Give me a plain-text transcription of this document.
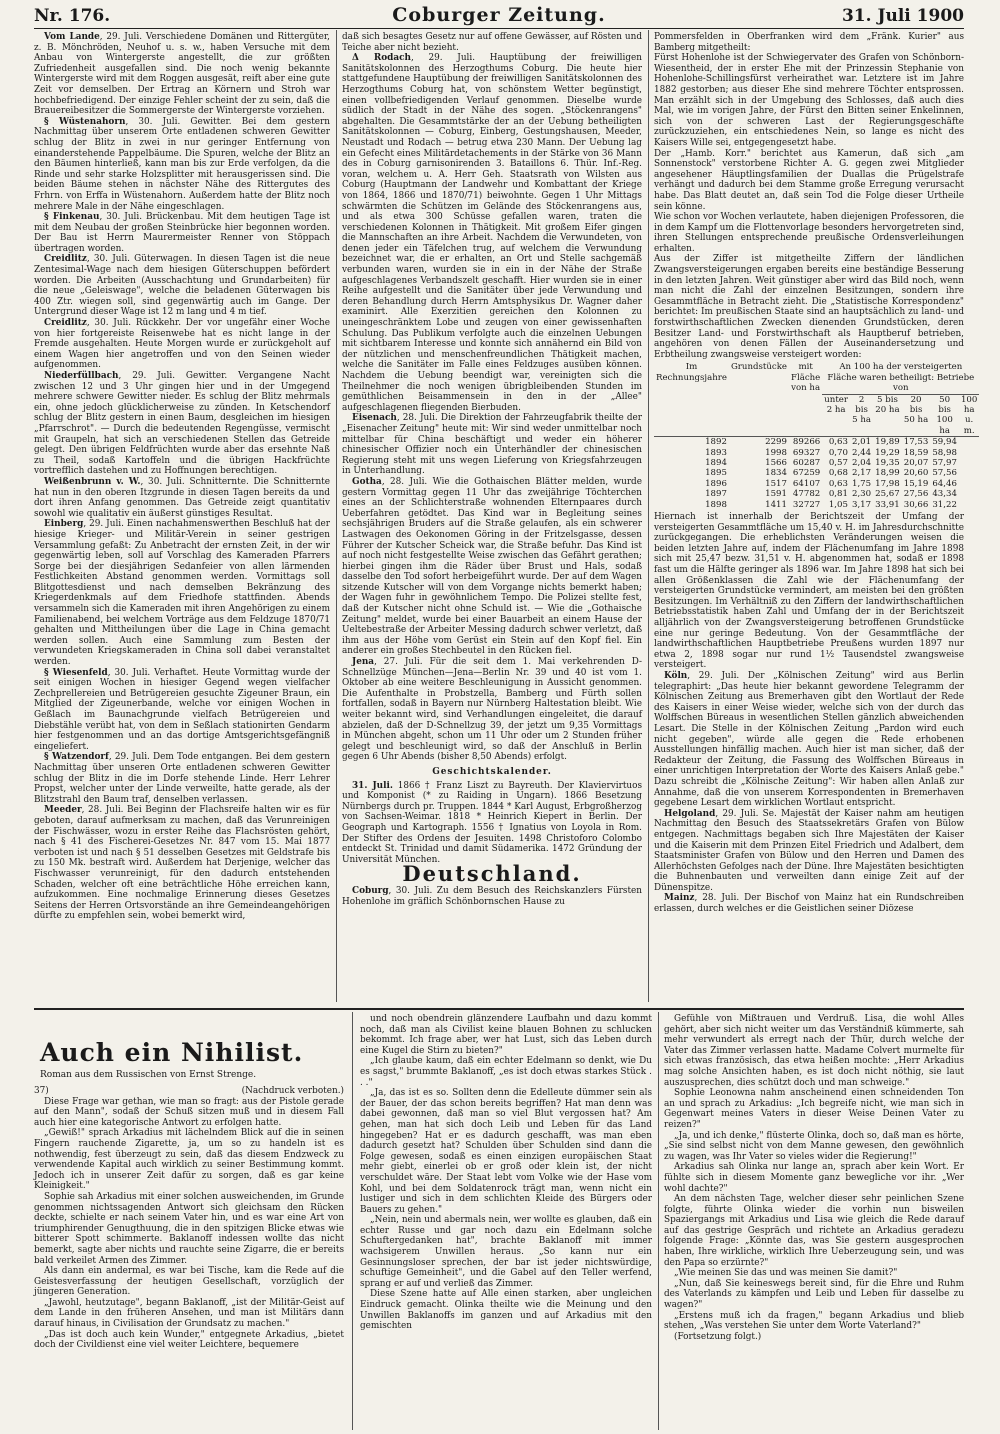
Nr. 176.	Coburger Zeitung.	31. Juli 1900

Vom Lande, 29. Juli. Verschiedene Domänen und Rittergüter, z. B. Mönchröden, Neuhof u. s. w., haben Versuche mit dem Anbau von Wintergerste angestellt, die zur größten Zufriedenheit ausgefallen sind. Die noch wenig bekannte Wintergerste wird mit dem Roggen ausgesät, reift aber eine gute Zeit vor demselben. Der Ertrag an Körnern und Stroh war hochbefriedigend. Der einzige Fehler scheint der zu sein, daß die Brauereibesitzer die Sommergerste der Wintergerste vorziehen.

§ Wüstenahorn, 30. Juli. Gewitter. Bei dem gestern Nachmittag über unserem Orte entladenen schweren Gewitter schlug der Blitz in zwei in nur geringer Entfernung von einanderstehende Pappelbäume. Die Spuren, welche der Blitz an den Bäumen hinterließ, kann man bis zur Erde verfolgen, da die Rinde und sehr starke Holzsplitter mit herausgerissen sind. Die beiden Bäume stehen in nächster Nähe des Rittergutes des Frhrn. von Erffa in Wüstenahorn. Außerdem hatte der Blitz noch mehrere Male in der Nähe eingeschlagen.

§ Finkenau, 30. Juli. Brückenbau. Mit dem heutigen Tage ist mit dem Neubau der großen Steinbrücke hier begonnen worden. Der Bau ist Herrn Maurermeister Renner von Stöppach übertragen worden.

Creidlitz, 30. Juli. Güterwagen. In diesen Tagen ist die neue Zentesimal-Wage nach dem hiesigen Güterschuppen befördert worden. Die Arbeiten (Ausschachtung und Grundarbeiten) für die neue „Geleiswage", welche die beladenen Güterwagen bis 400 Ztr. wiegen soll, sind gegenwärtig auch im Gange. Der Untergrund dieser Wage ist 12 m lang und 4 m tief.

Creidlitz, 30. Juli. Rückkehr. Der vor ungefähr einer Woche von hier fortgereiste Reisenwebe hat es nicht lange in der Fremde ausgehalten. Heute Morgen wurde er zurückgeholt auf einem Wagen hier angetroffen und von den Seinen wieder aufgenommen.

Niederfüllbach, 29. Juli. Gewitter. Vergangene Nacht zwischen 12 und 3 Uhr gingen hier und in der Umgegend mehrere schwere Gewitter nieder. Es schlug der Blitz mehrmals ein, ohne jedoch glücklicherweise zu zünden. In Ketschendorf schlug der Blitz gestern in einen Baum, desgleichen im hiesigen „Pfarrschrot". — Durch die bedeutenden Regengüsse, vermischt mit Graupeln, hat sich an verschiedenen Stellen das Getreide gelegt. Den übrigen Feldfrüchten wurde aber das ersehnte Naß zu Theil, sodaß Kartoffeln und die übrigen Hackfrüchte vortrefflich dastehen und zu Hoffnungen berechtigen.

Weißenbrunn v. W., 30. Juli. Schnitternte. Die Schnitternte hat nun in den oberen Itzgrunde in diesen Tagen bereits da und dort ihren Anfang genommen. Das Getreide zeigt quantitativ sowohl wie qualitativ ein äußerst günstiges Resultat.

Einberg, 29. Juli. Einen nachahmenswerthen Beschluß hat der hiesige Krieger- und Militär-Verein in seiner gestrigen Versammlung gefaßt: Zu Anbetracht der ernsten Zeit, in der wir gegenwärtig leben, soll auf Vorschlag des Kameraden Pfarrers Sorge bei der diesjährigen Sedanfeier von allen lärmenden Festlichkeiten Abstand genommen werden. Vormittags soll Blitgottesdienst und nach demselben Bekränzung des Kriegerdenkmals auf dem Friedhofe stattfinden. Abends versammeln sich die Kameraden mit ihren Angehörigen zu einem Familienabend, bei welchem Vorträge aus dem Feldzuge 1870/71 gehalten und Mittheilungen über die Lage in China gemacht werden sollen. Auch eine Sammlung zum Besten der verwundeten Kriegskameraden in China soll dabei veranstaltet werden.

§ Wiesenfeld, 30. Juli. Verhaftet. Heute Vormittag wurde der seit einigen Wochen in hiesiger Gegend wegen vielfacher Zechprellereien und Betrügereien gesuchte Zigeuner Braun, ein Mitglied der Zigeunerbande, welche vor einigen Wochen in Geßlach im Baunachgrunde vielfach Betrügereien und Diebstähle verübt hat, von dem in Seßlach stationirten Gendarm hier festgenommen und an das dortige Amtsgerichtsgefängniß eingeliefert.

§ Watzendorf, 29. Juli. Dem Tode entgangen. Bei dem gestern Nachmittag über unseren Orte entladenen schweren Gewitter schlug der Blitz in die im Dorfe stehende Linde. Herr Lehrer Propst, welcher unter der Linde verweilte, hatte gerade, als der Blitzstrahl den Baum traf, denselben verlassen.

Meeder, 28. Juli. Bei Beginn der Flachsreife halten wir es für geboten, darauf aufmerksam zu machen, daß das Verunreinigen der Fischwässer, wozu in erster Reihe das Flachsrösten gehört, nach § 41 des Fischerei-Gesetzes Nr. 847 vom 15. Mai 1877 verboten ist und nach § 51 desselben Gesetzes mit Geldstrafe bis zu 150 Mk. bestraft wird. Außerdem hat Derjenige, welcher das Fischwasser verunreinigt, für den dadurch entstehenden Schaden, welcher oft eine beträchtliche Höhe erreichen kann, aufzukommen. Eine nochmalige Erinnerung dieses Gesetzes Seitens der Herren Ortsvorstände an ihre Gemeindeangehörigen dürfte zu empfehlen sein, wobei bemerkt wird,

daß sich besagtes Gesetz nur auf offene Gewässer, auf Rösten und Teiche aber nicht bezieht.

Δ Rodach, 29. Juli. Hauptübung der freiwilligen Sanitätskolonnen des Herzogthums Coburg. Die heute hier stattgefundene Hauptübung der freiwilligen Sanitätskolonnen des Herzogthums Coburg hat, von schönstem Wetter begünstigt, einen vollbefriedigenden Verlauf genommen. Dieselbe wurde südlich der Stadt in der Nähe des sogen. „Stöckenrangens" abgehalten. Die Gesammtstärke der an der Uebung betheiligten Sanitätskolonnen — Coburg, Einberg, Gestungshausen, Meeder, Neustadt und Rodach — betrug etwa 230 Mann. Der Uebung lag ein Gefecht eines Militärdetachements in der Stärke von 36 Mann des in Coburg garnisonirenden 3. Bataillons 6. Thür. Inf.-Reg. voran, welchem u. A. Herr Geh. Staatsrath von Wilsten aus Coburg (Hauptmann der Landwehr und Kombattant der Kriege von 1864, 1866 und 1870/71) beiwohnte. Gegen 1 Uhr Mittags schwärmten die Schützen im Gelände des Stöckenrangens aus, und als etwa 300 Schüsse gefallen waren, traten die verschiedenen Kolonnen in Thätigkeit. Mit großem Eifer gingen die Mannschaften an ihre Arbeit. Nachdem die Verwundeten, von denen jeder ein Täfelchen trug, auf welchem die Verwundung bezeichnet war, die er erhalten, an Ort und Stelle sachgemäß verbunden waren, wurden sie in ein in der Nähe der Straße aufgeschlagenes Verbandszelt geschafft. Hier wurden sie in einer Reihe aufgestellt und die Sanitäter über jede Verwundung und deren Behandlung durch Herrn Amtsphysikus Dr. Wagner daher examinirt. Alle Exerzitien gereichen den Kolonnen zu uneingeschränktem Lobe und zeugen von einer gewissenhaften Schulung. Das Publikum verfolgte auch die einzelnen Uebungen mit sichtbarem Interesse und konnte sich annähernd ein Bild von der nützlichen und menschenfreundlichen Thätigkeit machen, welche die Sanitäter im Falle eines Feldzuges ausüben können. Nachdem die Uebung beendigt war, vereinigten sich die Theilnehmer die noch wenigen übrigbleibenden Stunden im gemüthlichen Beisammensein in den in der „Allee" aufgeschlagenen fliegenden Bierbuden.

Eisenach, 28. Juli. Die Direktion der Fahrzeugfabrik theilte der „Eisenacher Zeitung" heute mit: Wir sind weder unmittelbar noch mittelbar für China beschäftigt und weder ein höherer chinesischer Offizier noch ein Unterhändler der chinesischen Regierung steht mit uns wegen Lieferung von Kriegsfahrzeugen in Unterhandlung.

Gotha, 28. Juli. Wie die Gothaischen Blätter melden, wurde gestern Vormittag gegen 11 Uhr das zweijährige Töchterchen eines an der Schlichterstraße wohnenden Elternpaares durch Ueberfahren getödtet. Das Kind war in Begleitung seines sechsjährigen Bruders auf die Straße gelaufen, als ein schwerer Lastwagen des Oekonomen Göring in der Fritzelsgasse, dessen Führer der Kutscher Scheick war, die Straße befuhr. Das Kind ist auf noch nicht festgestellte Weise zwischen das Gefährt gerathen; hierbei gingen ihm die Räder über Brust und Hals, sodaß dasselbe den Tod sofort herbeigeführt wurde. Der auf dem Wagen sitzende Kutscher will von dem Vorgange nichts bemerkt haben; der Wagen fuhr in gewöhnlichem Tempo. Die Polizei stellte fest, daß der Kutscher nicht ohne Schuld ist. — Wie die „Gothaische Zeitung" meldet, wurde bei einer Bauarbeit an einem Hause der Ueltebestraße der Arbeiter Messing dadurch schwer verletzt, daß ihm aus der Höhe vom Gerüst ein Stein auf den Kopf fiel. Ein anderer ein großes Stechbeutel in den Rücken fiel.

Jena, 27. Juli. Für die seit dem 1. Mai verkehrenden D-Schnellzüge München—Jena—Berlin Nr. 39 und 40 ist vom 1. Oktober ab eine weitere Beschleunigung in Aussicht genommen. Die Aufenthalte in Probstzella, Bamberg und Fürth sollen fortfallen, sodaß in Bayern nur Nürnberg Haltestation bleibt. Wie weiter bekannt wird, sind Verhandlungen eingeleitet, die darauf abzielen, daß der D-Schnellzug 39, der jetzt um 9,35 Vormittags in München abgeht, schon um 11 Uhr oder um 2 Stunden früher gelegt und beschleunigt wird, so daß der Anschluß in Berlin gegen 6 Uhr Abends (bisher 8,50 Abends) erfolgt.

Geschichtskalender.

31. Juli. 1866 † Franz Liszt zu Bayreuth. Der Klaviervirtuos und Komponist (* zu Raiding in Ungarn). 1866 Besetzung Nürnbergs durch pr. Truppen. 1844 * Karl August, Erbgroßherzog von Sachsen-Weimar. 1818 * Heinrich Kiepert in Berlin. Der Geograph und Kartograph. 1556 † Ignatius von Loyola in Rom. Der Stifter des Ordens der Jesuiten. 1498 Christoforo Colombo entdeckt St. Trinidad und damit Südamerika. 1472 Gründung der Universität München.

Deutschland.

Coburg, 30. Juli. Zu dem Besuch des Reichskanzlers Fürsten Hohenlohe im gräflich Schönbornschen Hause zu

Pommersfelden in Oberfranken wird dem „Fränk. Kurier" aus Bamberg mitgetheilt:

Fürst Hohenlohe ist der Schwiegervater des Grafen von Schönborn-Wiesentheid, der in erster Ehe mit der Prinzessin Stephanie von Hohenlohe-Schillingsfürst verheirathet war. Letztere ist im Jahre 1882 gestorben; aus dieser Ehe sind mehrere Töchter entsprossen. Man erzählt sich in der Umgebung des Schlosses, daß auch dies Mal, wie im vorigen Jahre, der Fürst den Bitten seiner Enkelinnen, sich von der schweren Last der Regierungsgeschäfte zurückzuziehen, ein entschiedenes Nein, so lange es nicht des Kaisers Wille sei, entgegengesetzt habe.

Der „Hamb. Korr." berichtet aus Kamerun, daß sich „am Sonnenstock" verstorbene Richter A. G. gegen zwei Mitglieder angesehener Häuptlingsfamilien der Duallas die Prügelstrafe verhängt und dadurch bei dem Stamme große Erregung verursacht habe. Das Blatt deutet an, daß sein Tod die Folge dieser Urtheile sein könne.

Wie schon vor Wochen verlautete, haben diejenigen Professoren, die in dem Kampf um die Flottenvorlage besonders hervorgetreten sind, ihren Stellungen entsprechende preußische Ordensverleihungen erhalten.

Aus der Ziffer ist mitgetheilte Ziffern der ländlichen Zwangsversteigerungen ergaben bereits eine beständige Besserung in den letzten Jahren. Weit günstiger aber wird das Bild noch, wenn man nicht die Zahl der einzelnen Besitzungen, sondern ihre Gesammtfläche in Betracht zieht. Die „Statistische Korrespondenz" berichtet: Im preußischen Staate sind an hauptsächlich zu land- und forstwirthschaftlichen Zwecken dienenden Grundstücken, deren Besitzer Land- und Forstwirthschaft als Hauptberuf betrieben, angehören von denen Fällen der Auseinandersetzung und Erbtheilung zwangsweise versteigert worden:

Im Rechnungsjahre	Grundstücke	mit Fläche von ha	An 100 ha der versteigerten Fläche waren betheiligt: Betriebe von					
			unter 2 ha	2 bis 5 ha	5 bis 20 ha	20 bis 50 ha	50 bis 100 ha	100 ha u. m.
1892	2299	89266	0,63	2,01	19,89	17,53	59,94	
1893	1998	69327	0,70	2,44	19,29	18,59	58,98	
1894	1566	60287	0,57	2,04	19,35	20,07	57,97	
1895	1834	67259	0,68	2,17	18,99	20,60	57,56	
1896	1517	64107	0,63	1,75	17,98	15,19	64,46	
1897	1591	47782	0,81	2,30	25,67	27,56	43,34	
1898	1411	32727	1,05	3,17	33,91	30,66	31,22	

Hiernach ist innerhalb der Berichtszeit der Umfang der versteigerten Gesammtfläche um 15,40 v. H. im Jahresdurchschnitte zurückgegangen. Die erheblichsten Veränderungen weisen die beiden letzten Jahre auf, indem der Flächenumfang im Jahre 1898 sich mit 25,47 bezw. 31,51 v. H. abgenommen hat, sodaß er 1898 fast um die Hälfte geringer als 1896 war. Im Jahre 1898 hat sich bei allen Größenklassen die Zahl wie der Flächenumfang der versteigerten Grundstücke vermindert, am meisten bei den größten Besitzungen. Im Verhältniß zu den Ziffern der landwirthschaftlichen Betriebsstatistik haben Zahl und Umfang der in der Berichtszeit alljährlich von der Zwangsversteigerung betroffenen Grundstücke eine nur geringe Bedeutung. Von der Gesammtfläche der landwirthschaftlichen Hauptbetriebe Preußens wurden 1897 nur etwa 2, 1898 sogar nur rund 1½ Tausendstel zwangsweise versteigert.

Köln, 29. Juli. Der „Kölnischen Zeitung" wird aus Berlin telegraphirt: „Das heute hier bekannt gewordene Telegramm der Kölnischen Zeitung aus Bremerhaven gibt den Wortlaut der Rede des Kaisers in einer Weise wieder, welche sich von der durch das Wolffschen Büreaus in wesentlichen Stellen gänzlich abweichenden Lesart. Die Stelle in der Kölnischen Zeitung „Pardon wird euch nicht gegeben", würde alle gegen die Rede erhobenen Ausstellungen hinfällig machen. Auch hier ist man sicher, daß der Redakteur der Zeitung, die Fassung des Wolffschen Büreaus in einer unrichtigen Interpretation der Worte des Kaisers Anlaß gebe." Dazu schreibt die „Kölnische Zeitung": Wir haben allen Anlaß zur Annahme, daß die von unserem Korrespondenten in Bremerhaven gegebene Lesart dem wirklichen Wortlaut entspricht.

Helgoland, 29. Juli. Se. Majestät der Kaiser nahm am heutigen Nachmittag den Besuch des Staatssekretärs Grafen von Bülow entgegen. Nachmittags begaben sich Ihre Majestäten der Kaiser und die Kaiserin mit dem Prinzen Eitel Friedrich und Adalbert, dem Staatsminister Grafen von Bülow und den Herren und Damen des Allerhöchsten Gefolges nach der Düne. Ihre Majestäten besichtigten die Buhnenbauten und verweilten dann einige Zeit auf der Dünenspitze.

Mainz, 28. Juli. Der Bischof von Mainz hat ein Rundschreiben erlassen, durch welches er die Geistlichen seiner Diözese

Auch ein Nihilist.
Roman aus dem Russischen von Ernst Strenge.

37)	(Nachdruck verboten.)

Diese Frage war gethan, wie man so fragt: aus der Pistole gerade auf den Mann", sodaß der Schuß sitzen muß und in diesem Fall auch hier eine kategorische Antwort zu erfolgen hatte.

„Gewiß!" sprach Arkadius mit lächelndem Blick auf die in seinen Fingern rauchende Zigarette, ja, um so zu handeln ist es nothwendig, fest überzeugt zu sein, daß das diesem Endzweck zu verwendende Kapital auch wirklich zu seiner Bestimmung kommt. Jedoch ich in unserer Zeit dafür zu sorgen, daß es gar keine Kleinigkeit."

Sophie sah Arkadius mit einer solchen ausweichenden, im Grunde genommen nichtssagenden Antwort sich gleichsam den Rücken deckte, schielte er nach seinem Vater hin, und es war eine Art von triumphirender Genugthuung, die in den spitzigen Blicke etwas wie bitterer Spott schimmerte. Baklanoff indessen wollte das nicht bemerkt, sagte aber nichts und rauchte seine Zigarre, die er bereits bald verkeilet Armen des Zimmer.

Als dann ein andermal, es war bei Tische, kam die Rede auf die Geistesverfassung der heutigen Gesellschaft, vorzüglich der jüngeren Generation.

„Jawohl, heutzutage", begann Baklanoff, „ist der Militär-Geist auf dem Lande in den früheren Ansehen, und man ist Militärs dann darauf hinaus, in Civilisation der Grundsatz zu machen."

„Das ist doch auch kein Wunder," entgegnete Arkadius, „bietet doch der Civildienst eine viel weiter Leichtere, bequemere

und noch obendrein glänzendere Laufbahn und dazu kommt noch, daß man als Civilist keine blauen Bohnen zu schlucken bekommt. Ich frage aber, wer hat Lust, sich das Leben durch eine Kugel die Stirn zu bieten?"

„Ich glaube kaum, daß ein echter Edelmann so denkt, wie Du es sagst," brummte Baklanoff, „es ist doch etwas starkes Stück . . ."

„Ja, das ist es so. Sollten denn die Edelleute dümmer sein als der Bauer, der das schon bereits begriffen? Hat man denn was dabei gewonnen, daß man so viel Blut vergossen hat? Am gehen, man hat sich doch Leib und Leben für das Land hingegeben? Hat er es dadurch geschafft, was man eben dadurch gesetzt hat? Schulden über Schulden sind dann die Folge gewesen, sodaß es einen einzigen europäischen Staat mehr giebt, einerlei ob er groß oder klein ist, der nicht verschuldet wäre. Der Staat lebt vom Volke wie der Hase vom Kohl, und bei dem Soldatenrock trägt man, wenn nicht ein lustiger und sich in dem schlichten Kleide des Bürgers oder Bauers zu gehen."

„Nein, nein und abermals nein, wer wollte es glauben, daß ein echter Russe und gar noch dazu ein Edelmann solche Schuftergedanken hat", brachte Baklanoff mit immer wachsigerem Unwillen heraus. „So kann nur ein Gesinnungsloser sprechen, der bar ist jeder nichtswürdige, schuftige Gemeinheit", und die Gabel auf den Teller werfend, sprang er auf und verließ das Zimmer.

Diese Szene hatte auf Alle einen starken, aber ungleichen Eindruck gemacht. Olinka theilte wie die Meinung und den Unwillen Baklanoffs im ganzen und auf Arkadius mit den gemischten

Gefühle von Mißtrauen und Verdruß. Lisa, die wohl Alles gehört, aber sich nicht weiter um das Verständniß kümmerte, sah mehr verwundert als erregt nach der Thür, durch welche der Vater das Zimmer verlassen hatte. Madame Colvert murmelte für sich etwas französisch, das etwa heißen mochte: „Herr Arkadius mag solche Ansichten haben, es ist doch nicht nöthig, sie laut auszusprechen, dies schützt doch und man schweige."

Sophie Leonowna nahm anscheinend einen schneidenden Ton an und sprach zu Arkadius: „Ich begreife nicht, wie man sich in Gegenwart meines Vaters in dieser Weise Deinen Vater zu reizen?"

„Ja, und ich denke," flüsterte Olinka, doch so, daß man es hörte, „Sie sind selbst nicht von dem Manne gewesen, den gewöhnlich zu wagen, was Ihr Vater so vieles wider die Regierung!"

Arkadius sah Olinka nur lange an, sprach aber kein Wort. Er fühlte sich in diesem Momente ganz bewegliche vor ihr. „Wer wohl dachte?"

An dem nächsten Tage, welcher dieser sehr peinlichen Szene folgte, führte Olinka wieder die vorhin nun bisweilen Spaziergangs mit Arkadius und Lisa wie gleich die Rede darauf auf das gestrige Gespräch und richtete an Arkadius geradezu folgende Frage: „Könnte das, was Sie gestern ausgesprochen haben, Ihre wirkliche, wirklich Ihre Ueberzeugung sein, und was den Papa so erzürnte?"

„Wie meinen Sie das und was meinen Sie damit?"

„Nun, daß Sie keineswegs bereit sind, für die Ehre und Ruhm des Vaterlands zu kämpfen und Leib und Leben für dasselbe zu wagen?"

„Erstens muß ich da fragen," begann Arkadius und blieb stehen, „Was verstehen Sie unter dem Worte Vaterland?"

(Fortsetzung folgt.)
